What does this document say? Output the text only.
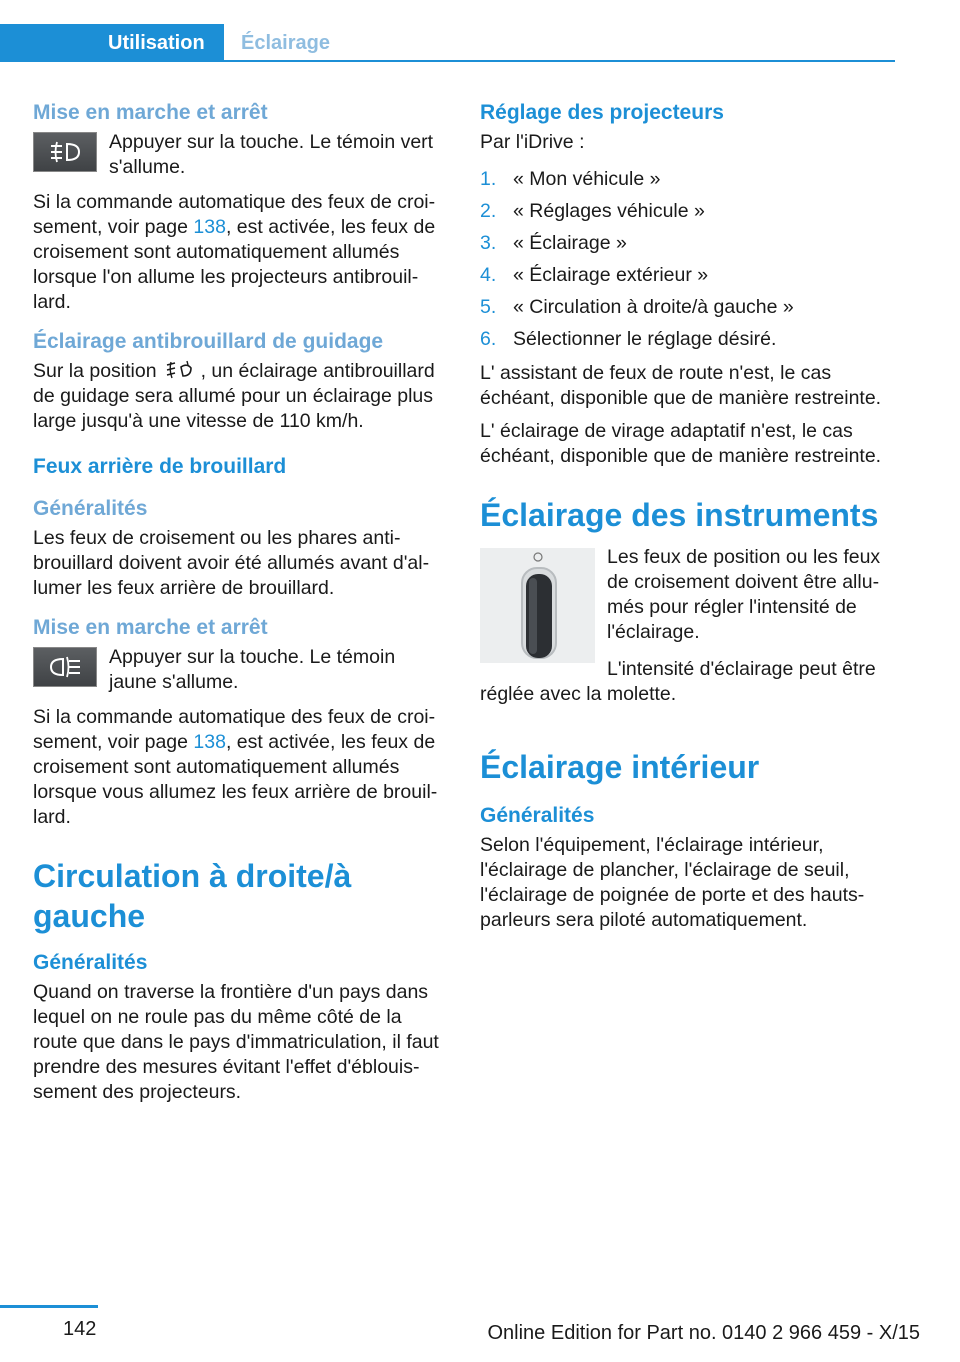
Utilisation	Éclairage
Mise en marche et arrêt
Appuyer sur la touche. Le témoin vert s'allume.

Si la commande automatique des feux de croisement, voir page 138, est activée, les feux de croisement sont automatiquement allumés lorsque l'on allume les projecteurs antibrouillard.

Éclairage antibrouillard de guidage

Sur la position , un éclairage antibrouillard de guidage sera allumé pour un éclairage plus large jusqu'à une vitesse de 110 km/h.

Feux arrière de brouillard
Généralités

Les feux de croisement ou les phares antibrouillard doivent avoir été allumés avant d'allumer les feux arrière de brouillard.

Mise en marche et arrêt
Appuyer sur la touche. Le témoin jaune s'allume.

Si la commande automatique des feux de croisement, voir page 138, est activée, les feux de croisement sont automatiquement allumés lorsque vous allumez les feux arrière de brouillard.

Circulation à droite/à gauche
Généralités

Quand on traverse la frontière d'un pays dans lequel on ne roule pas du même côté de la route que dans le pays d'immatriculation, il faut prendre des mesures évitant l'effet d'éblouissement des projecteurs.

Réglage des projecteurs

Par l'iDrive :

1. « Mon véhicule »
2. « Réglages véhicule »
3. « Éclairage »
4. « Éclairage extérieur »
5. « Circulation à droite/à gauche »
6. Sélectionner le réglage désiré.

L' assistant de feux de route n'est, le cas échéant, disponible que de manière restreinte.

L' éclairage de virage adaptatif n'est, le cas échéant, disponible que de manière restreinte.

Éclairage des instruments

Les feux de position ou les feux de croisement doivent être allumés pour régler l'intensité de l'éclairage.

L'intensité d'éclairage peut être réglée avec la molette.

Éclairage intérieur
Généralités

Selon l'équipement, l'éclairage intérieur, l'éclairage de plancher, l'éclairage de seuil, l'éclairage de poignée de porte et des hauts-parleurs sera piloté automatiquement.

142	Online Edition for Part no. 0140 2 966 459 - X/15
